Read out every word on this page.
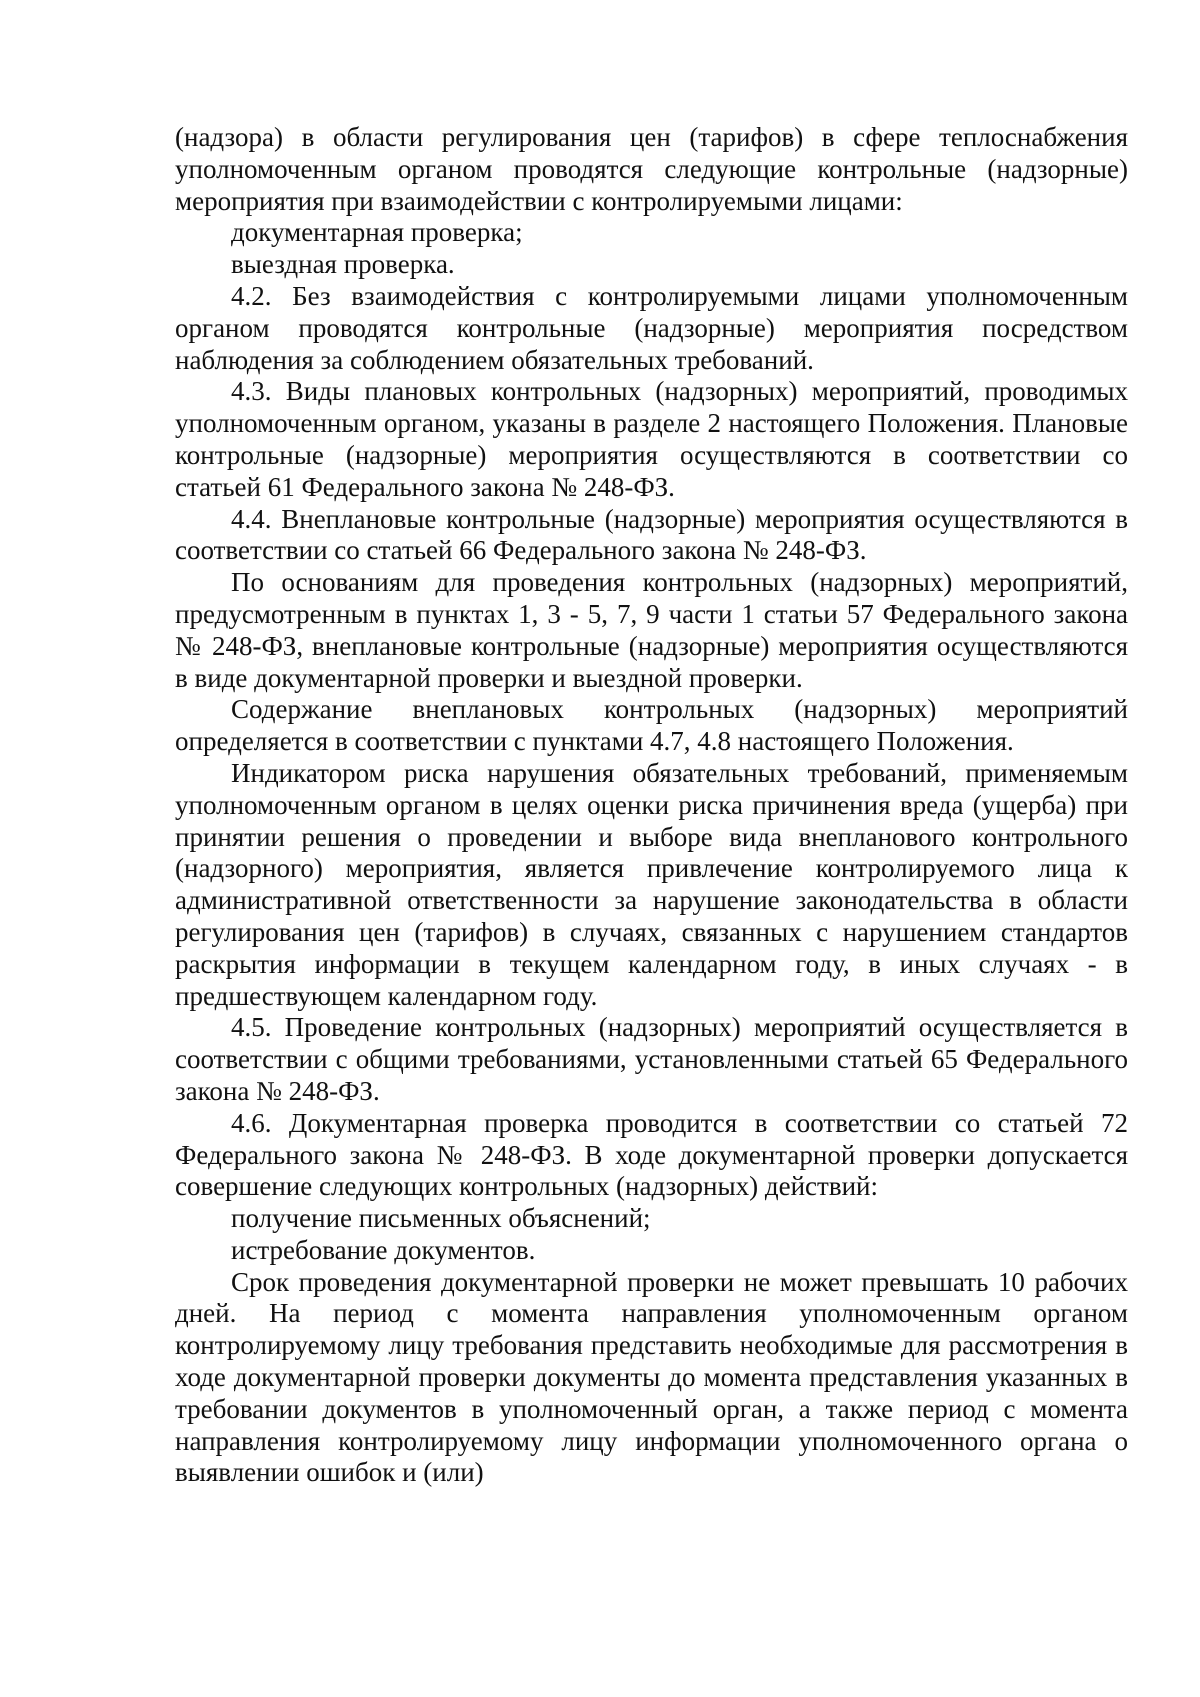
(надзора) в области регулирования цен (тарифов) в сфере теплоснабжения уполномоченным органом проводятся следующие контрольные (надзорные) мероприятия при взаимодействии с контролируемыми лицами:

документарная проверка;

выездная проверка.

4.2. Без взаимодействия с контролируемыми лицами уполномоченным органом проводятся контрольные (надзорные) мероприятия посредством наблюдения за соблюдением обязательных требований.

4.3. Виды плановых контрольных (надзорных) мероприятий, проводимых уполномоченным органом, указаны в разделе 2 настоящего Положения. Плановые контрольные (надзорные) мероприятия осуществляются в соответствии со статьей 61 Федерального закона № 248-ФЗ.

4.4. Внеплановые контрольные (надзорные) мероприятия осуществляются в соответствии со статьей 66 Федерального закона № 248-ФЗ.

По основаниям для проведения контрольных (надзорных) мероприятий, предусмотренным в пунктах 1, 3 - 5, 7, 9 части 1 статьи 57 Федерального закона № 248-ФЗ, внеплановые контрольные (надзорные) мероприятия осуществляются в виде документарной проверки и выездной проверки.

Содержание внеплановых контрольных (надзорных) мероприятий определяется в соответствии с пунктами 4.7, 4.8 настоящего Положения.

Индикатором риска нарушения обязательных требований, применяемым уполномоченным органом в целях оценки риска причинения вреда (ущерба) при принятии решения о проведении и выборе вида внепланового контрольного (надзорного) мероприятия, является привлечение контролируемого лица к административной ответственности за нарушение законодательства в области регулирования цен (тарифов) в случаях, связанных с нарушением стандартов раскрытия информации в текущем календарном году, в иных случаях - в предшествующем календарном году.

4.5. Проведение контрольных (надзорных) мероприятий осуществляется в соответствии с общими требованиями, установленными статьей 65 Федерального закона № 248-ФЗ.

4.6. Документарная проверка проводится в соответствии со статьей 72 Федерального закона № 248-ФЗ. В ходе документарной проверки допускается совершение следующих контрольных (надзорных) действий:

получение письменных объяснений;

истребование документов.

Срок проведения документарной проверки не может превышать 10 рабочих дней. На период с момента направления уполномоченным органом контролируемому лицу требования представить необходимые для рассмотрения в ходе документарной проверки документы до момента представления указанных в требовании документов в уполномоченный орган, а также период с момента направления контролируемому лицу информации уполномоченного органа о выявлении ошибок и (или)
